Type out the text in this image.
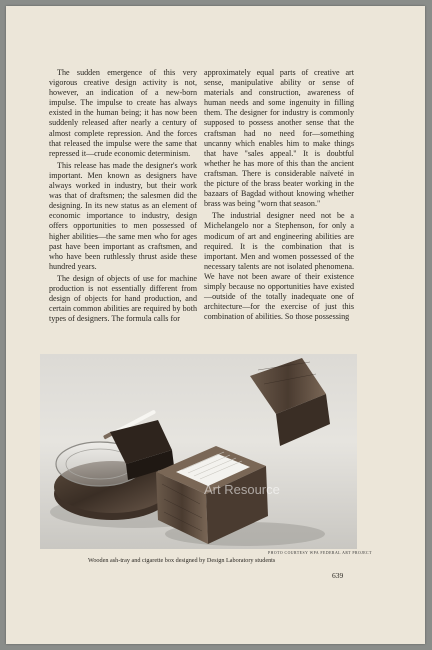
The sudden emergence of this very vigorous creative design activity is not, however, an indication of a new-born impulse. The impulse to create has always existed in the human being; it has now been suddenly released after nearly a century of almost complete repression. And the forces that released the impulse were the same that repressed it—crude economic determinism.

This release has made the designer's work important. Men known as designers have always worked in industry, but their work was that of draftsmen; the salesmen did the designing. In its new status as an element of economic importance to industry, design offers opportunities to men possessed of higher abilities—the same men who for ages past have been important as craftsmen, and who have been ruthlessly thrust aside these hundred years.

The design of objects of use for machine production is not essentially different from design of objects for hand production, and certain common abilities are required by both types of designers. The formula calls for

approximately equal parts of creative art sense, manipulative ability or sense of materials and construction, awareness of human needs and some ingenuity in filling them. The designer for industry is commonly supposed to possess another sense that the craftsman had no need for—something uncanny which enables him to make things that have "sales appeal." It is doubtful whether he has more of this than the ancient craftsman. There is considerable naïveté in the picture of the brass beater working in the bazaars of Bagdad without knowing whether brass was being "worn that season."

The industrial designer need not be a Michelangelo nor a Stephenson, for only a modicum of art and engineering abilities are required. It is the combination that is important. Men and women possessed of the necessary talents are not isolated phenomena. We have not been aware of their existence simply because no opportunities have existed—outside of the totally inadequate one of architecture—for the exercise of just this combination of abilities. So those possessing

Art Resource
PHOTO COURTESY WPA FEDERAL ART PROJECT
Wooden ash-tray and cigarette box designed by Design Laboratory students
639
